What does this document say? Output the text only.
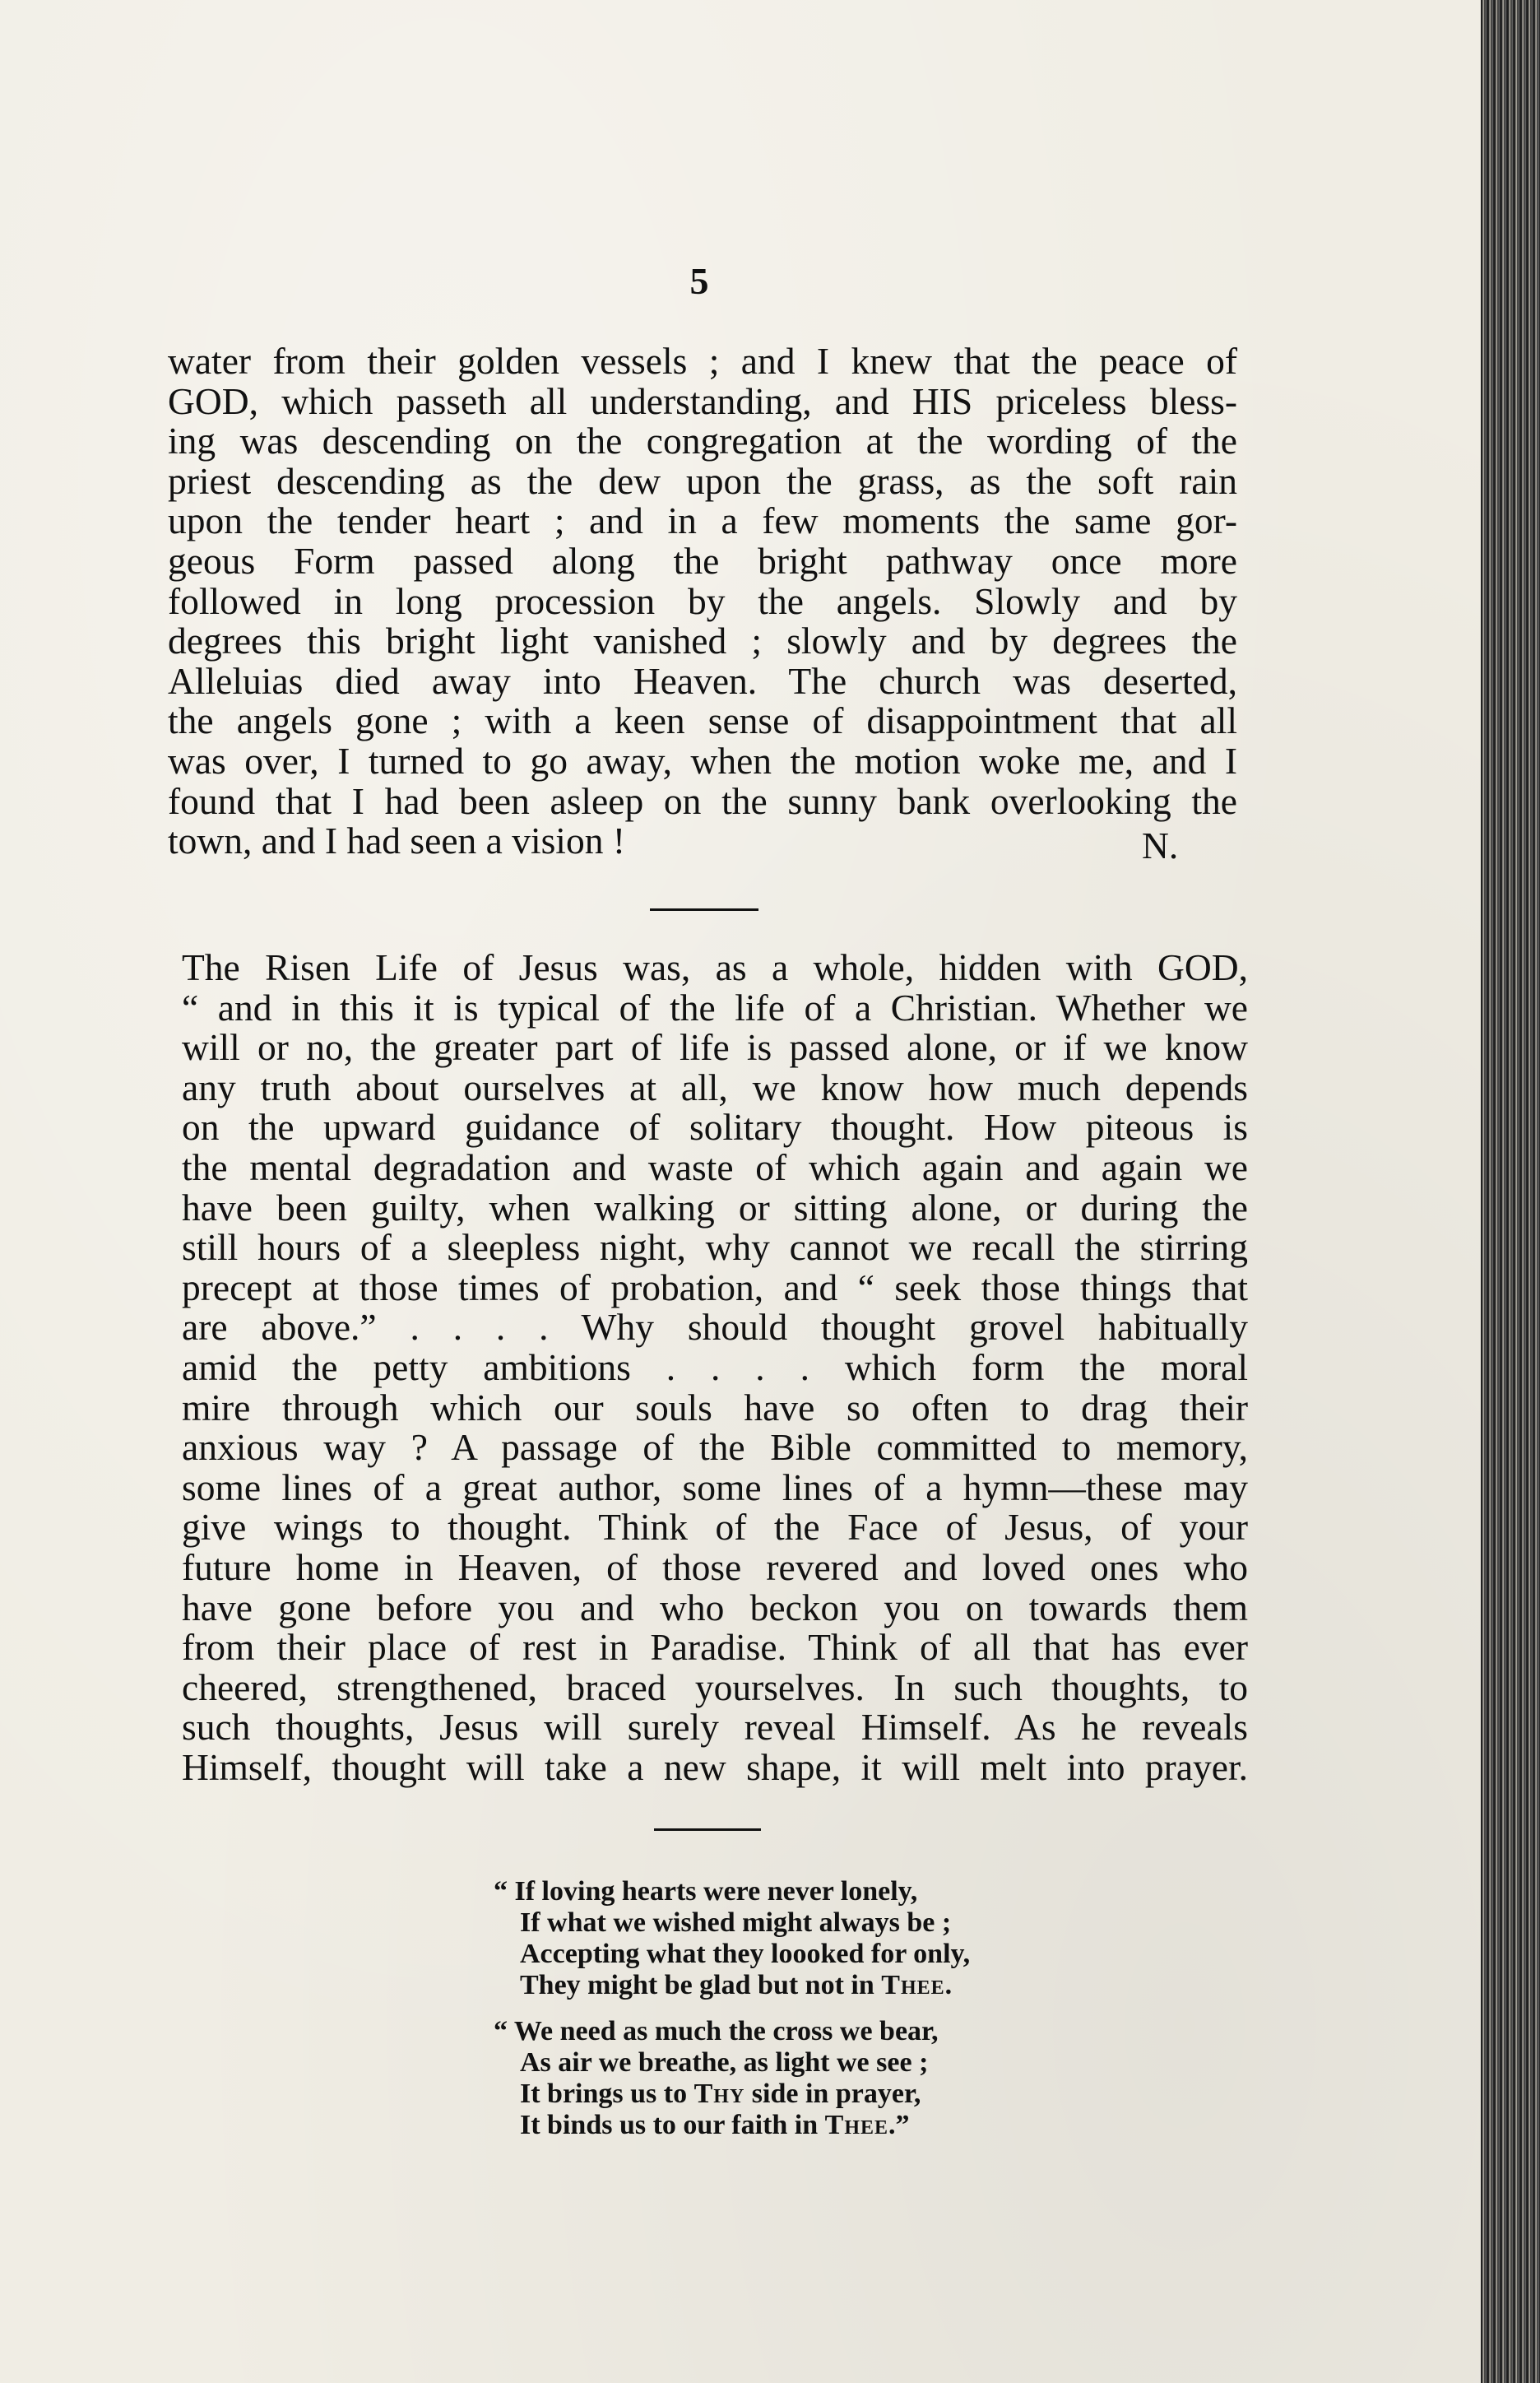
5
water from their golden vessels ; and I knew that the peace of
GOD, which passeth all understanding, and HIS priceless bless-
ing was descending on the congregation at the wording of the
priest descending as the dew upon the grass, as the soft rain
upon the tender heart ; and in a few moments the same gor-
geous Form passed along the bright pathway once more
followed in long procession by the angels. Slowly and by
degrees this bright light vanished ; slowly and by degrees the
Alleluias died away into Heaven. The church was deserted,
the angels gone ; with a keen sense of disappointment that all
was over, I turned to go away, when the motion woke me, and I
found that I had been asleep on the sunny bank overlooking the
town, and I had seen a vision !	N.
The Risen Life of Jesus was, as a whole, hidden with GOD,
“ and in this it is typical of the life of a Christian. Whether we
will or no, the greater part of life is passed alone, or if we know
any truth about ourselves at all, we know how much depends
on the upward guidance of solitary thought. How piteous is
the mental degradation and waste of which again and again we
have been guilty, when walking or sitting alone, or during the
still hours of a sleepless night, why cannot we recall the stirring
precept at those times of probation, and “ seek those things that
are above.” . . . . Why should thought grovel habitually
amid the petty ambitions . . . . which form the moral
mire through which our souls have so often to drag their
anxious way ? A passage of the Bible committed to memory,
some lines of a great author, some lines of a hymn—these may
give wings to thought. Think of the Face of Jesus, of your
future home in Heaven, of those revered and loved ones who
have gone before you and who beckon you on towards them
from their place of rest in Paradise. Think of all that has ever
cheered, strengthened, braced yourselves. In such thoughts, to
such thoughts, Jesus will surely reveal Himself. As he reveals
Himself, thought will take a new shape, it will melt into prayer.
“ If loving hearts were never lonely,
If what we wished might always be ;
Accepting what they loooked for only,
They might be glad but not in Thee.
“ We need as much the cross we bear,
As air we breathe, as light we see ;
It brings us to Thy side in prayer,
It binds us to our faith in Thee.”
